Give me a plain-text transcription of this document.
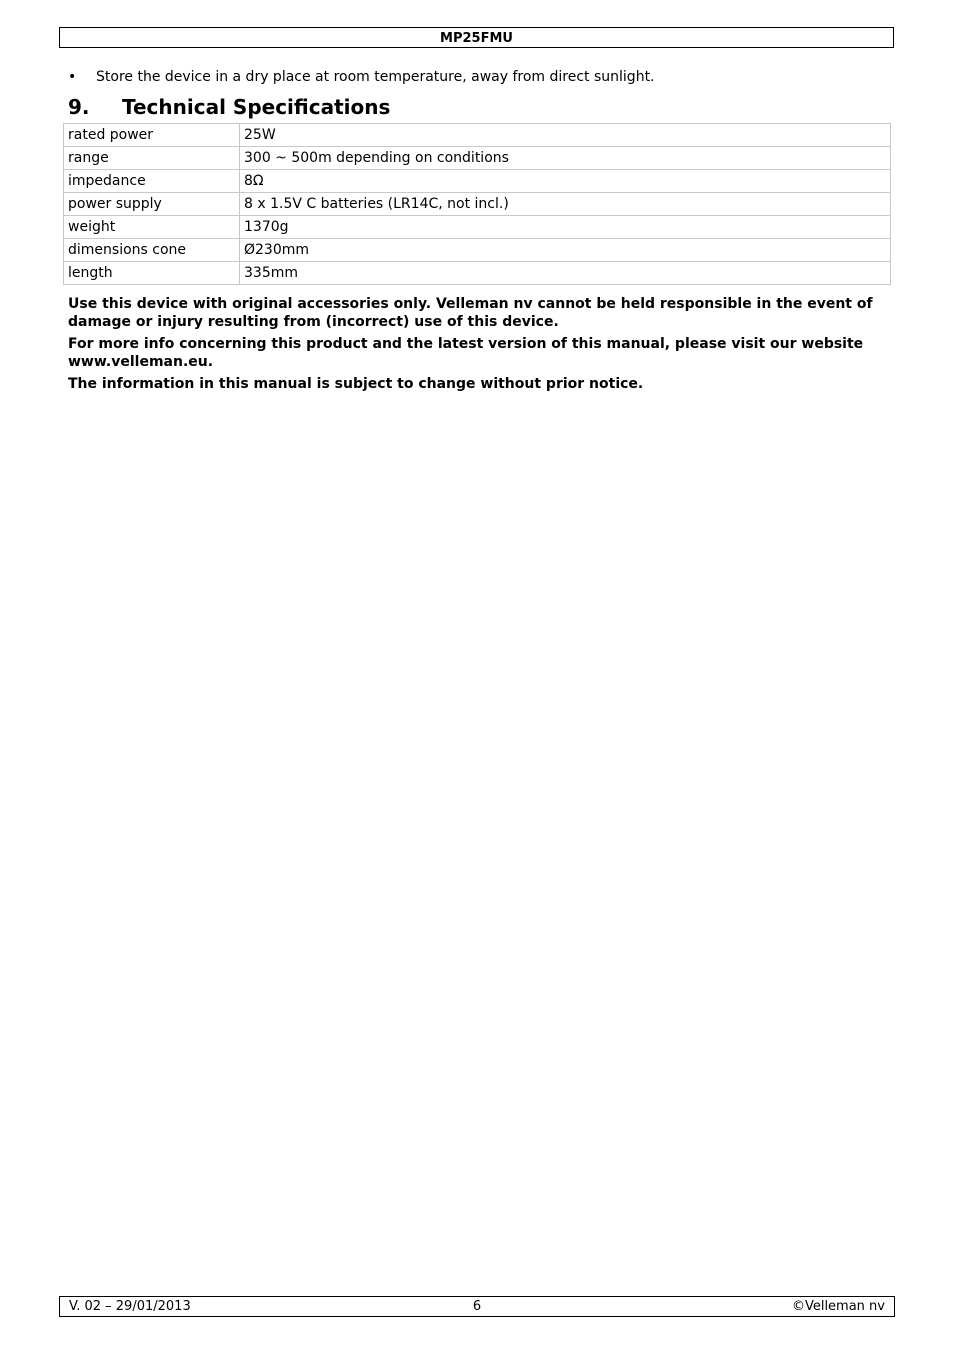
MP25FMU
• Store the device in a dry place at room temperature, away from direct sunlight.
9. Technical Specifications
rated power	25W
range	300 ~ 500m depending on conditions
impedance	8Ω
power supply	8 x 1.5V C batteries (LR14C, not incl.)
weight	1370g
dimensions cone	Ø230mm
length	335mm

Use this device with original accessories only. Velleman nv cannot be held responsible in the event of damage or injury resulting from (incorrect) use of this device.

For more info concerning this product and the latest version of this manual, please visit our website www.velleman.eu.

The information in this manual is subject to change without prior notice.

V. 02 – 29/01/2013	6	©Velleman nv
